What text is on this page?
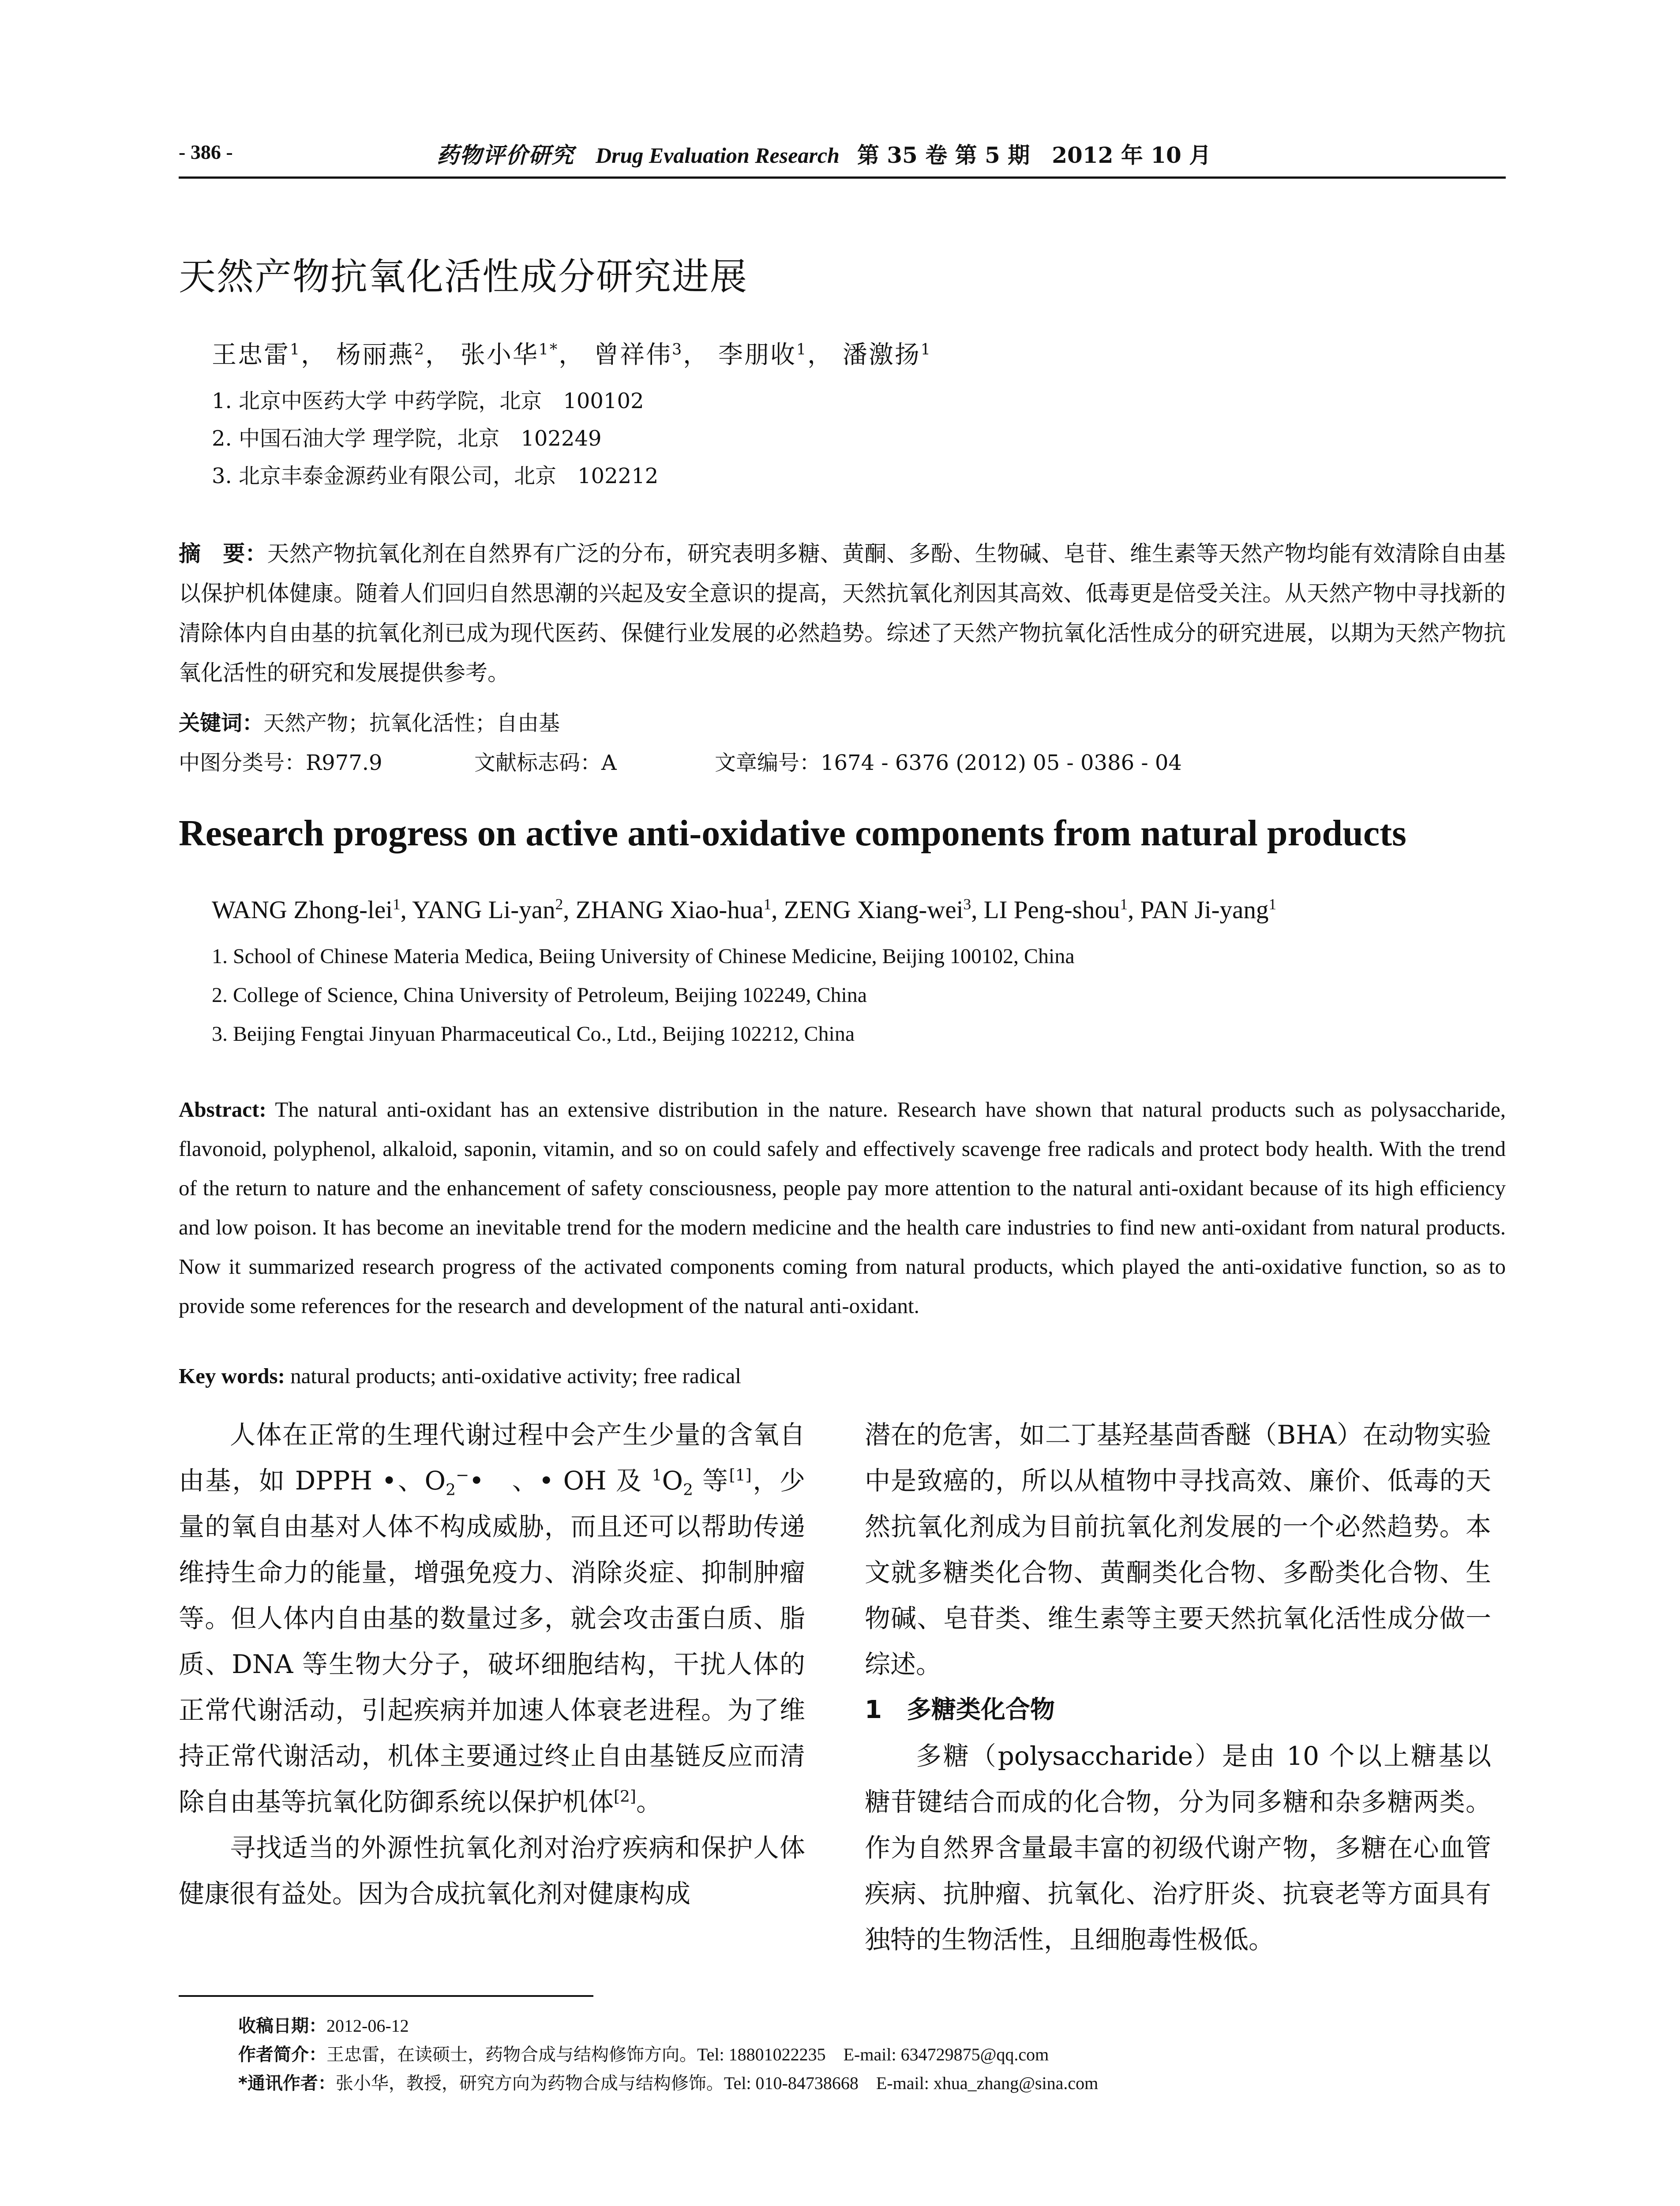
- 386 -	药物评价研究 Drug Evaluation Research 第 35 卷 第 5 期　2012 年 10 月
天然产物抗氧化活性成分研究进展
王忠雷$^1$， 杨丽燕$^2$， 张小华$^{1*}$， 曾祥伟$^3$， 李朋收$^1$， 潘激扬$^1$
1. 北京中医药大学 中药学院，北京　100102
2. 中国石油大学 理学院，北京　102249
3. 北京丰泰金源药业有限公司，北京　102212
摘　要：天然产物抗氧化剂在自然界有广泛的分布，研究表明多糖、黄酮、多酚、生物碱、皂苷、维生素等天然产物均能有效清除自由基以保护机体健康。随着人们回归自然思潮的兴起及安全意识的提高，天然抗氧化剂因其高效、低毒更是倍受关注。从天然产物中寻找新的清除体内自由基的抗氧化剂已成为现代医药、保健行业发展的必然趋势。综述了天然产物抗氧化活性成分的研究进展，以期为天然产物抗氧化活性的研究和发展提供参考。
关键词：天然产物；抗氧化活性；自由基
中图分类号：R977.9	文献标志码：A	文章编号：1674 - 6376 (2012) 05 - 0386 - 04
Research progress on active anti-oxidative components from natural products
WANG Zhong-lei$^1$, YANG Li-yan$^2$, ZHANG Xiao-hua$^1$, ZENG Xiang-wei$^3$, LI Peng-shou$^1$, PAN Ji-yang$^1$
1. School of Chinese Materia Medica, Beiing University of Chinese Medicine, Beijing 100102, China
2. College of Science, China University of Petroleum, Beijing 102249, China
3. Beijing Fengtai Jinyuan Pharmaceutical Co., Ltd., Beijing 102212, China
Abstract: The natural anti-oxidant has an extensive distribution in the nature. Research have shown that natural products such as polysaccharide, flavonoid, polyphenol, alkaloid, saponin, vitamin, and so on could safely and effectively scavenge free radicals and protect body health. With the trend of the return to nature and the enhancement of safety consciousness, people pay more attention to the natural anti-oxidant because of its high efficiency and low poison. It has become an inevitable trend for the modern medicine and the health care industries to find new anti-oxidant from natural products. Now it summarized research progress of the activated components coming from natural products, which played the anti-oxidative function, so as to provide some references for the research and development of the natural anti-oxidant.
Key words: natural products; anti-oxidative activity; free radical

人体在正常的生理代谢过程中会产生少量的含氧自由基，如 DPPH •、$O_2^-•$　、• OH 及 $^1O_2$ 等[1]，少量的氧自由基对人体不构成威胁，而且还可以帮助传递维持生命力的能量，增强免疫力、消除炎症、抑制肿瘤等。但人体内自由基的数量过多，就会攻击蛋白质、脂质、DNA 等生物大分子，破坏细胞结构，干扰人体的正常代谢活动，引起疾病并加速人体衰老进程。为了维持正常代谢活动，机体主要通过终止自由基链反应而清除自由基等抗氧化防御系统以保护机体[2]。

寻找适当的外源性抗氧化剂对治疗疾病和保护人体健康很有益处。因为合成抗氧化剂对健康构成

潜在的危害，如二丁基羟基茴香醚（BHA）在动物实验中是致癌的，所以从植物中寻找高效、廉价、低毒的天然抗氧化剂成为目前抗氧化剂发展的一个必然趋势。本文就多糖类化合物、黄酮类化合物、多酚类化合物、生物碱、皂苷类、维生素等主要天然抗氧化活性成分做一综述。

1　多糖类化合物

多糖（polysaccharide）是由 10 个以上糖基以糖苷键结合而成的化合物，分为同多糖和杂多糖两类。作为自然界含量最丰富的初级代谢产物，多糖在心血管疾病、抗肿瘤、抗氧化、治疗肝炎、抗衰老等方面具有独特的生物活性，且细胞毒性极低。

收稿日期：2012-06-12
作者简介：王忠雷，在读硕士，药物合成与结构修饰方向。Tel: 18801022235　E-mail: 634729875@qq.com
*通讯作者：张小华，教授，研究方向为药物合成与结构修饰。Tel: 010-84738668　E-mail: xhua_zhang@sina.com
